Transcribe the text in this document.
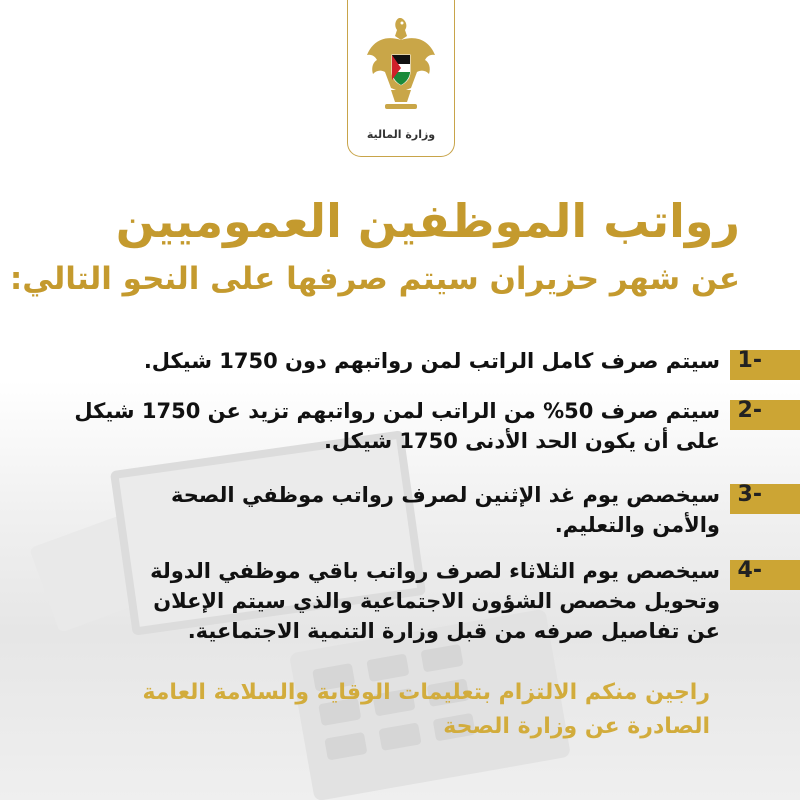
وزارة المالية
رواتب الموظفين العموميين
عن شهر حزيران سيتم صرفها على النحو التالي:
1-
سيتم صرف كامل الراتب لمن رواتبهم دون 1750 شيكل.
2-
سيتم صرف 50% من الراتب لمن رواتبهم تزيد عن 1750 شيكل
على أن يكون الحد الأدنى 1750 شيكل.
3-
سيخصص يوم غد الإثنين لصرف رواتب موظفي الصحة
والأمن والتعليم.
4-
سيخصص يوم الثلاثاء لصرف رواتب باقي موظفي الدولة
وتحويل مخصص الشؤون الاجتماعية والذي سيتم الإعلان
عن تفاصيل صرفه من قبل وزارة التنمية الاجتماعية.
راجين منكم الالتزام بتعليمات الوقاية والسلامة العامة
الصادرة عن وزارة الصحة
